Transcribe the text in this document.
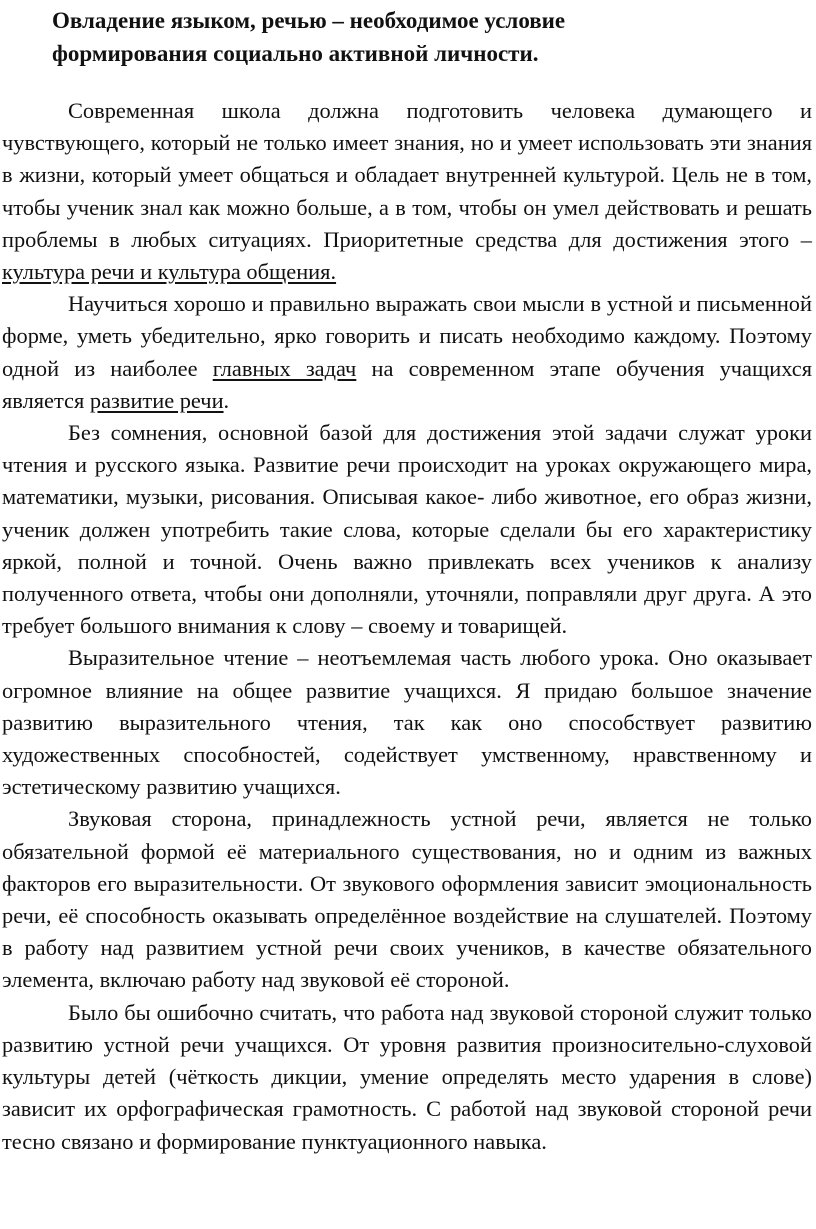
Овладение языком, речью – необходимое условие
формирования социально активной личности.

Современная школа должна подготовить человека думающего и чувствующего, который не только имеет знания, но и умеет использовать эти знания в жизни, который умеет общаться и обладает внутренней культурой. Цель не в том, чтобы ученик знал как можно больше, а в том, чтобы он умел действовать и решать проблемы в любых ситуациях. Приоритетные средства для достижения этого – культура речи и культура общения.

Научиться хорошо и правильно выражать свои мысли в устной и письменной форме, уметь убедительно, ярко говорить и писать необходимо каждому. Поэтому одной из наиболее главных задач на современном этапе обучения учащихся является развитие речи.

Без сомнения, основной базой для достижения этой задачи служат уроки чтения и русского языка. Развитие речи происходит на уроках окружающего мира, математики, музыки, рисования. Описывая какое- либо животное, его образ жизни, ученик должен употребить такие слова, которые сделали бы его характеристику яркой, полной и точной. Очень важно привлекать всех учеников к анализу полученного ответа, чтобы они дополняли, уточняли, поправляли друг друга. А это требует большого внимания к слову – своему и товарищей.

Выразительное чтение – неотъемлемая часть любого урока. Оно оказывает огромное влияние на общее развитие учащихся. Я придаю большое значение развитию выразительного чтения, так как оно способствует развитию художественных способностей, содействует умственному, нравственному и эстетическому развитию учащихся.

Звуковая сторона, принадлежность устной речи, является не только обязательной формой её материального существования, но и одним из важных факторов его выразительности. От звукового оформления зависит эмоциональность речи, её способность оказывать определённое воздействие на слушателей. Поэтому в работу над развитием устной речи своих учеников, в качестве обязательного элемента, включаю работу над звуковой её стороной.

Было бы ошибочно считать, что работа над звуковой стороной служит только развитию устной речи учащихся. От уровня развития произносительно-слуховой культуры детей (чёткость дикции, умение определять место ударения в слове) зависит их орфографическая грамотность. С работой над звуковой стороной речи тесно связано и формирование пунктуационного навыка.
